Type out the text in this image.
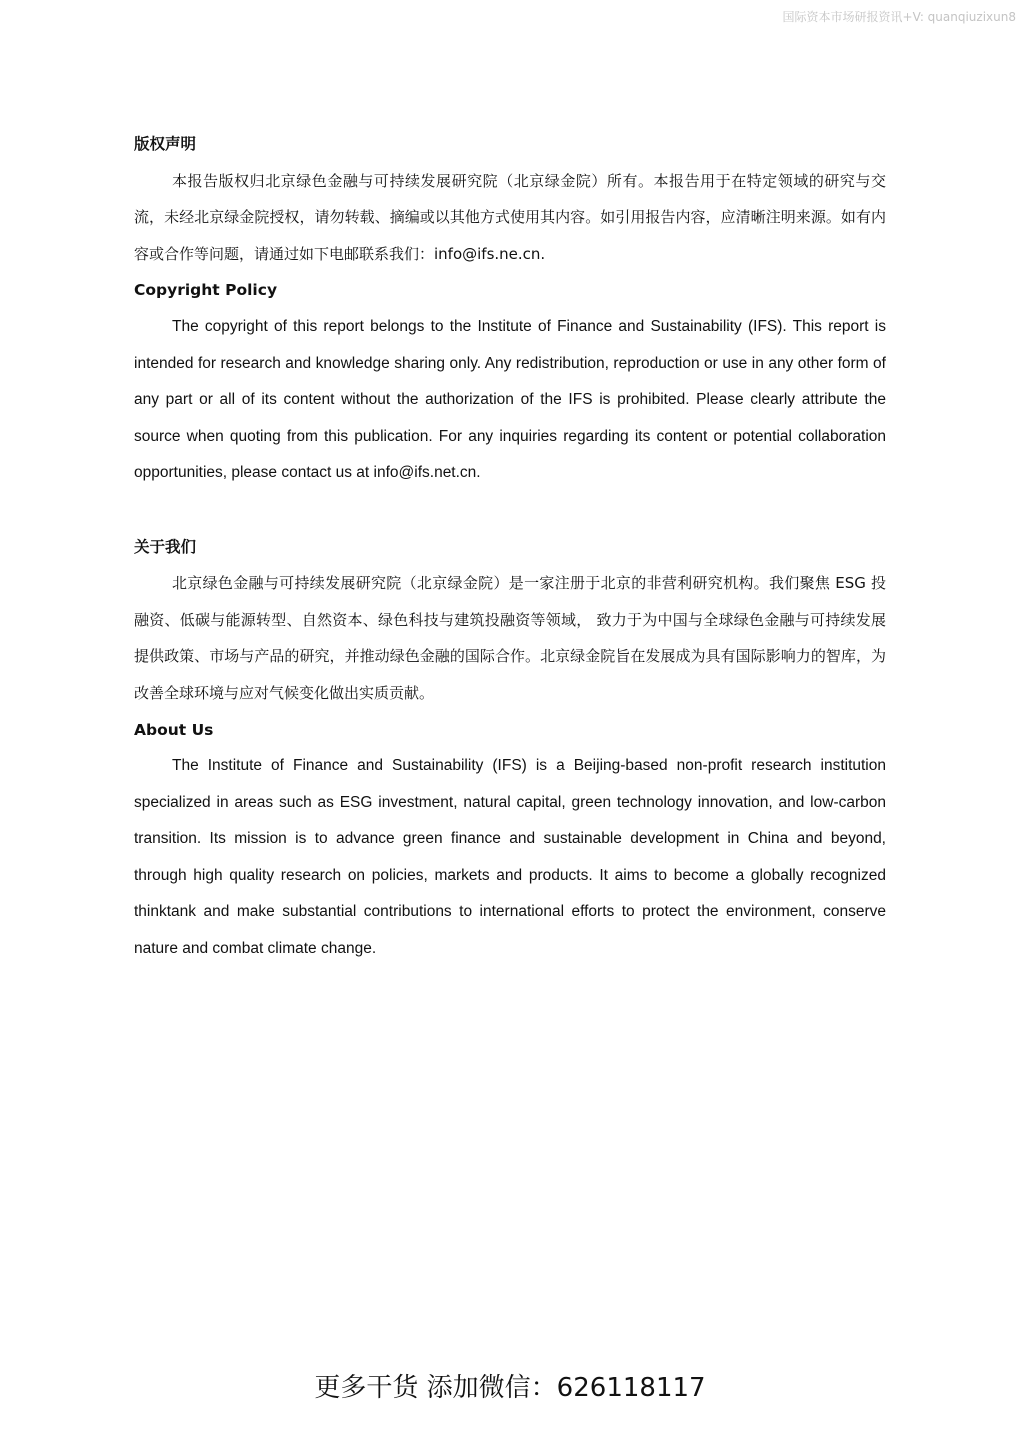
国际资本市场研报资讯+V: quanqiuzixun8
版权声明

本报告版权归北京绿色金融与可持续发展研究院（北京绿金院）所有。本报告用于在特定领域的研究与交流，未经北京绿金院授权，请勿转载、摘编或以其他方式使用其内容。如引用报告内容，应清晰注明来源。如有内容或合作等问题，请通过如下电邮联系我们：info@ifs.ne.cn.

Copyright Policy

The copyright of this report belongs to the Institute of Finance and Sustainability (IFS). This report is intended for research and knowledge sharing only. Any redistribution, reproduction or use in any other form of any part or all of its content without the authorization of the IFS is prohibited. Please clearly attribute the source when quoting from this publication. For any inquiries regarding its content or potential collaboration opportunities, please contact us at info@ifs.net.cn.

关于我们

北京绿色金融与可持续发展研究院（北京绿金院）是一家注册于北京的非营利研究机构。我们聚焦 ESG 投融资、低碳与能源转型、自然资本、绿色科技与建筑投融资等领域， 致力于为中国与全球绿色金融与可持续发展提供政策、市场与产品的研究，并推动绿色金融的国际合作。北京绿金院旨在发展成为具有国际影响力的智库，为改善全球环境与应对气候变化做出实质贡献。

About Us

The Institute of Finance and Sustainability (IFS) is a Beijing-based non-profit research institution specialized in areas such as ESG investment, natural capital, green technology innovation, and low-carbon transition. Its mission is to advance green finance and sustainable development in China and beyond, through high quality research on policies, markets and products. It aims to become a globally recognized thinktank and make substantial contributions to international efforts to protect the environment, conserve nature and combat climate change.

更多干货 添加微信：626118117
